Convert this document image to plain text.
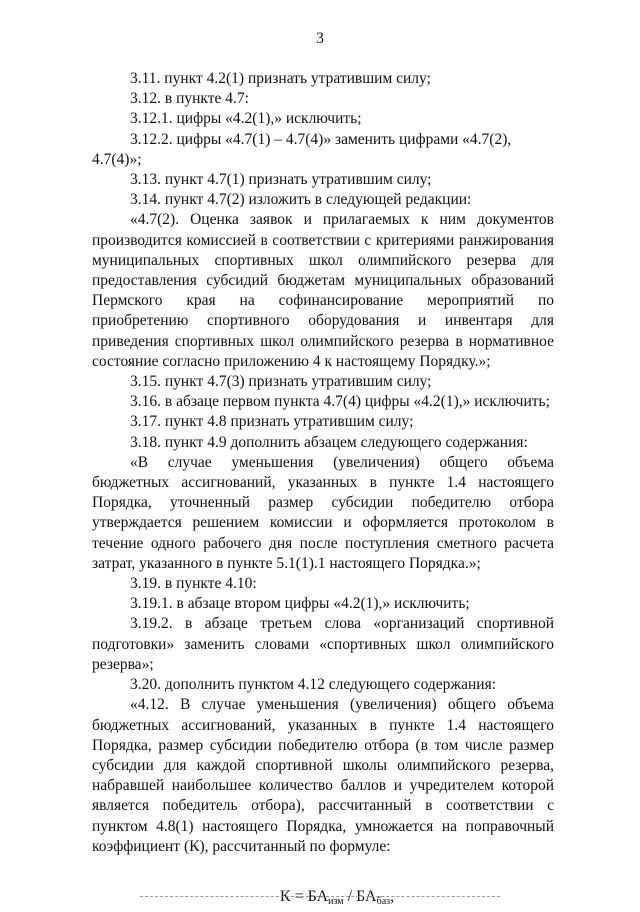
3

3.11. пункт 4.2(1) признать утратившим силу;

3.12. в пункте 4.7:

3.12.1. цифры «4.2(1),» исключить;

3.12.2. цифры «4.7(1) – 4.7(4)» заменить цифрами «4.7(2), 4.7(4)»;

3.13. пункт 4.7(1) признать утратившим силу;

3.14. пункт 4.7(2) изложить в следующей редакции:

«4.7(2). Оценка заявок и прилагаемых к ним документов производится комиссией в соответствии с критериями ранжирования муниципальных спортивных школ олимпийского резерва для предоставления субсидий бюджетам муниципальных образований Пермского края на софинансирование мероприятий по приобретению спортивного оборудования и инвентаря для приведения спортивных школ олимпийского резерва в нормативное состояние согласно приложению 4 к настоящему Порядку.»;

3.15. пункт 4.7(3) признать утратившим силу;

3.16. в абзаце первом пункта 4.7(4) цифры «4.2(1),» исключить;

3.17. пункт 4.8 признать утратившим силу;

3.18. пункт 4.9 дополнить абзацем следующего содержания:

«В случае уменьшения (увеличения) общего объема бюджетных ассигнований, указанных в пункте 1.4 настоящего Порядка, уточненный размер субсидии победителю отбора утверждается решением комиссии и оформляется протоколом в течение одного рабочего дня после поступления сметного расчета затрат, указанного в пункте 5.1(1).1 настоящего Порядка.»;

3.19. в пункте 4.10:

3.19.1. в абзаце втором цифры «4.2(1),» исключить;

3.19.2. в абзаце третьем слова «организаций спортивной подготовки» заменить словами «спортивных школ олимпийского резерва»;

3.20. дополнить пунктом 4.12 следующего содержания:

«4.12. В случае уменьшения (увеличения) общего объема бюджетных ассигнований, указанных в пункте 1.4 настоящего Порядка, размер субсидии победителю отбора (в том числе размер субсидии для каждой спортивной школы олимпийского резерва, набравшей наибольшее количество баллов и учредителем которой является победитель отбора), рассчитанный в соответствии с пунктом 4.8(1) настоящего Порядка, умножается на поправочный коэффициент (К), рассчитанный по формуле:

$К = БА_{изм} / БА_{баз}$,
